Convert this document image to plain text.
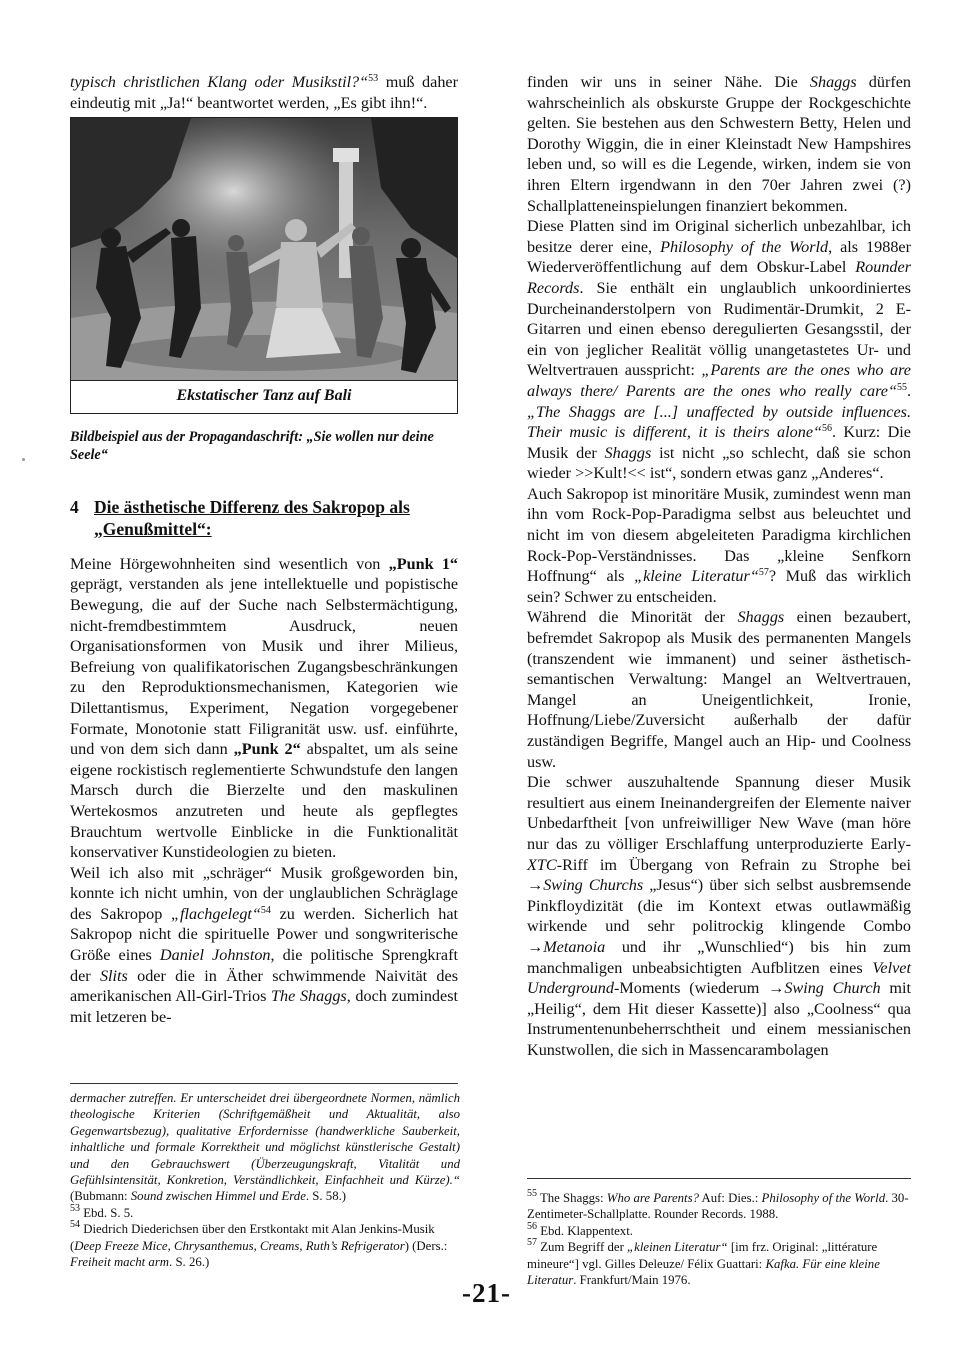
typisch christlichen Klang oder Musikstil?“$^{53}$ muß daher eindeutig mit „Ja!“ beantwortet werden, „Es gibt ihn!“.

Ekstatischer Tanz auf Bali

Bildbeispiel aus der Propagandaschrift: „Sie wollen nur deine Seele“

4 Die ästhetische Differenz des Sakropop als „Genußmittel“:

Meine Hörgewohnheiten sind wesentlich von „Punk 1“ geprägt, verstanden als jene intellektuelle und popistische Bewegung, die auf der Suche nach Selbstermächtigung, nicht-fremdbestimmtem Ausdruck, neuen Organisationsformen von Musik und ihrer Milieus, Befreiung von qualifikatorischen Zugangsbeschränkungen zu den Reproduktionsmechanismen, Kategorien wie Dilettantismus, Experiment, Negation vorgegebener Formate, Monotonie statt Filigranität usw. usf. einführte, und von dem sich dann „Punk 2“ abspaltet, um als seine eigene rockistisch reglementierte Schwundstufe den langen Marsch durch die Bierzelte und den maskulinen Wertekosmos anzutreten und heute als gepflegtes Brauchtum wertvolle Einblicke in die Funktionalität konservativer Kunstideologien zu bieten.

Weil ich also mit „schräger“ Musik großgeworden bin, konnte ich nicht umhin, von der unglaublichen Schräglage des Sakropop „flachgelegt“$^{54}$ zu werden. Sicherlich hat Sakropop nicht die spirituelle Power und songwriterische Größe eines Daniel Johnston, die politische Sprengkraft der Slits oder die in Äther schwimmende Naivität des amerikanischen All-Girl-Trios The Shaggs, doch zumindest mit letzeren be-

finden wir uns in seiner Nähe. Die Shaggs dürfen wahrscheinlich als obskurste Gruppe der Rockgeschichte gelten. Sie bestehen aus den Schwestern Betty, Helen und Dorothy Wiggin, die in einer Kleinstadt New Hampshires leben und, so will es die Legende, wirken, indem sie von ihren Eltern irgendwann in den 70er Jahren zwei (?) Schallplatteneinspielungen finanziert bekommen.

Diese Platten sind im Original sicherlich unbezahlbar, ich besitze derer eine, Philosophy of the World, als 1988er Wiederveröffentlichung auf dem Obskur-Label Rounder Records. Sie enthält ein unglaublich unkoordiniertes Durcheinanderstolpern von Rudimentär-Drumkit, 2 E-Gitarren und einen ebenso deregulierten Gesangsstil, der ein von jeglicher Realität völlig unangetastetes Ur- und Weltvertrauen ausspricht: „Parents are the ones who are always there/ Parents are the ones who really care“$^{55}$. „The Shaggs are [...] unaffected by outside influences. Their music is different, it is theirs alone“$^{56}$. Kurz: Die Musik der Shaggs ist nicht „so schlecht, daß sie schon wieder >>Kult!<< ist“, sondern etwas ganz „Anderes“.

Auch Sakropop ist minoritäre Musik, zumindest wenn man ihn vom Rock-Pop-Paradigma selbst aus beleuchtet und nicht im von diesem abgeleiteten Paradigma kirchlichen Rock-Pop-Verständnisses. Das „kleine Senfkorn Hoffnung“ als „kleine Literatur“$^{57}$? Muß das wirklich sein? Schwer zu entscheiden.

Während die Minorität der Shaggs einen bezaubert, befremdet Sakropop als Musik des permanenten Mangels (transzendent wie immanent) und seiner ästhetisch-semantischen Verwaltung: Mangel an Weltvertrauen, Mangel an Uneigentlichkeit, Ironie, Hoffnung/Liebe/Zuversicht außerhalb der dafür zuständigen Begriffe, Mangel auch an Hip- und Coolness usw.

Die schwer auszuhaltende Spannung dieser Musik resultiert aus einem Ineinandergreifen der Elemente naiver Unbedarftheit [von unfreiwilliger New Wave (man höre nur das zu völliger Erschlaffung unterproduzierte Early-XTC-Riff im Übergang von Refrain zu Strophe bei →Swing Churchs „Jesus“) über sich selbst ausbremsende Pinkfloydizität (die im Kontext etwas outlawmäßig wirkende und sehr politrockig klingende Combo →Metanoia und ihr „Wunschlied“) bis hin zum manchmaligen unbeabsichtigten Aufblitzen eines Velvet Underground-Moments (wiederum →Swing Church mit „Heilig“, dem Hit dieser Kassette)] also „Coolness“ qua Instrumentenunbeherrschtheit und einem messianischen Kunstwollen, die sich in Massencarambolagen

dermacher zutreffen. Er unterscheidet drei übergeordnete Normen, nämlich theologische Kriterien (Schriftgemäßheit und Aktualität, also Gegenwartsbezug), qualitative Erfordernisse (handwerkliche Sauberkeit, inhaltliche und formale Korrektheit und möglichst künstlerische Gestalt) und den Gebrauchswert (Überzeugungskraft, Vitalität und Gefühlsintensität, Konkretion, Verständlichkeit, Einfachheit und Kürze).“ (Bubmann: Sound zwischen Himmel und Erde. S. 58.)

$^{53}$ Ebd. S. 5.

$^{54}$ Diedrich Diederichsen über den Erstkontakt mit Alan Jenkins-Musik (Deep Freeze Mice, Chrysanthemus, Creams, Ruth’s Refrigerator) (Ders.: Freiheit macht arm. S. 26.)

$^{55}$ The Shaggs: Who are Parents? Auf: Dies.: Philosophy of the World. 30-Zentimeter-Schallplatte. Rounder Records. 1988.

$^{56}$ Ebd. Klappentext.

$^{57}$ Zum Begriff der „kleinen Literatur“ [im frz. Original: „littérature mineure“] vgl. Gilles Deleuze/ Félix Guattari: Kafka. Für eine kleine Literatur. Frankfurt/Main 1976.

-21-
